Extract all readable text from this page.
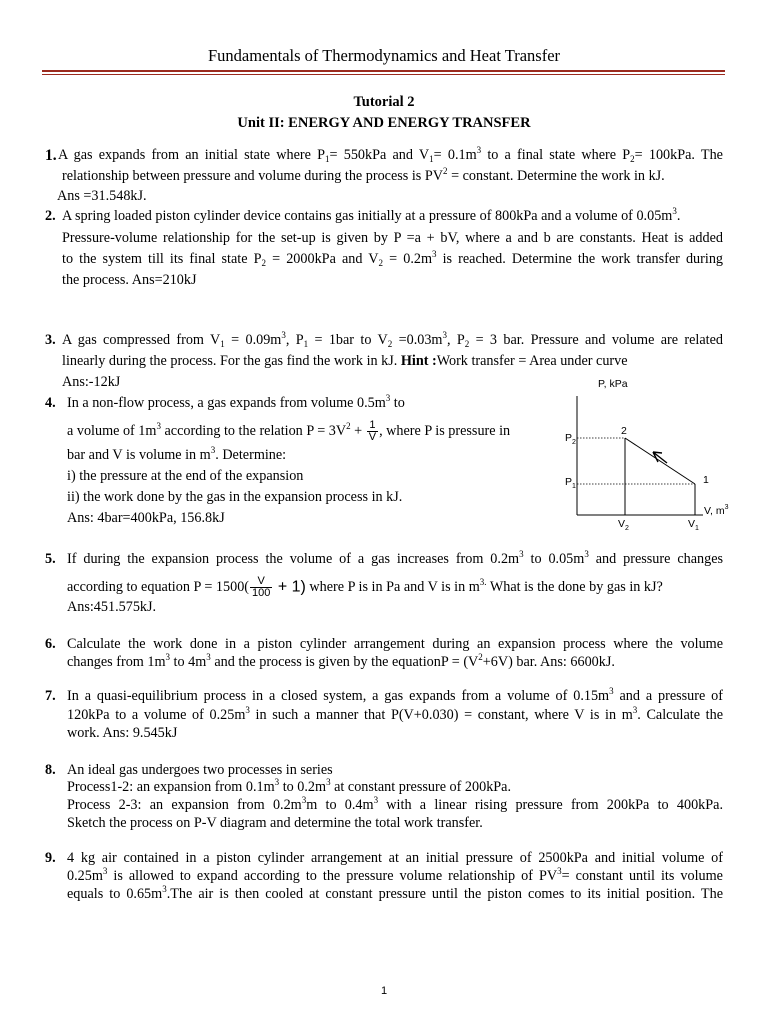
Fundamentals of Thermodynamics and Heat Transfer
Tutorial 2
Unit II: ENERGY AND ENERGY TRANSFER
1. A gas expands from an initial state where $P_1= 550kPa$ and $V_1= 0.1m^3$ to a final state where $P_2= 100kPa$. The
relationship between pressure and volume during the process is $PV^2$ = constant. Determine the work in kJ.
Ans =31.548kJ.
2. A spring loaded piston cylinder device contains gas initially at a pressure of 800kPa and a volume of $0.05m^3$.
Pressure-volume relationship for the set-up is given by P =a + bV, where a and b are constants. Heat is added
to the system till its final state $P_2 = 2000kPa$ and $V_2 = 0.2m^3$ is reached. Determine the work transfer during
the process. Ans=210kJ
3. A gas compressed from $V_1 = 0.09m^3$, $P_1 = 1bar$ to $V_2 =0.03m^3$, $P_2 = 3$ bar. Pressure and volume are related
linearly during the process. For the gas find the work in kJ. Hint :Work transfer = Area under curve
Ans:-12kJ
4. In a non-flow process, a gas expands from volume $0.5m^3$ to
a volume of $1m^3$ according to the relation $P = 3V^2 + \frac{1}{V}$ , where P is pressure in
bar and V is volume in $m^3$. Determine:
i) the pressure at the end of the expansion
ii) the work done by the gas in the expansion process in kJ.
Ans: 4bar=400kPa, 156.8kJ
P, kPa
V, $m^3$
2
1
$P_2$
$P_1$
$V_2$	$V_1$
5. If during the expansion process the volume of a gas increases from $0.2m^3$ to $0.05m^3$ and pressure changes
according to equation $P = 1500( \frac{V}{100} + 1)$ where P is in Pa and V is in $m^{3.}$ What is the done by gas in kJ?
Ans:451.575kJ.
6. Calculate the work done in a piston cylinder arrangement during an expansion process where the volume
changes from $1m^3$ to $4m^3$ and the process is given by the equationP = $(V^2+6V)$ bar. Ans: 6600kJ.
7. In a quasi-equilibrium process in a closed system, a gas expands from a volume of $0.15m^3$ and a pressure of
120kPa to a volume of $0.25m^3$ in such a manner that P(V+0.030) = constant, where V is in $m^3$. Calculate the
work. Ans: 9.545kJ
8. An ideal gas undergoes two processes in series
Process1-2: an expansion from $0.1m^3$ to $0.2m^3$ at constant pressure of 200kPa.
Process 2-3: an expansion from $0.2m^3m$ to $0.4m^3$ with a linear rising pressure from 200kPa to 400kPa.
Sketch the process on P-V diagram and determine the total work transfer.
9. 4 kg air contained in a piston cylinder arrangement at an initial pressure of 2500kPa and initial volume of
$0.25m^3$ is allowed to expand according to the pressure volume relationship of $PV^3=$ constant until its volume
equals to $0.65m^3.The$ air is then cooled at constant pressure until the piston comes to its initial position. The
1
